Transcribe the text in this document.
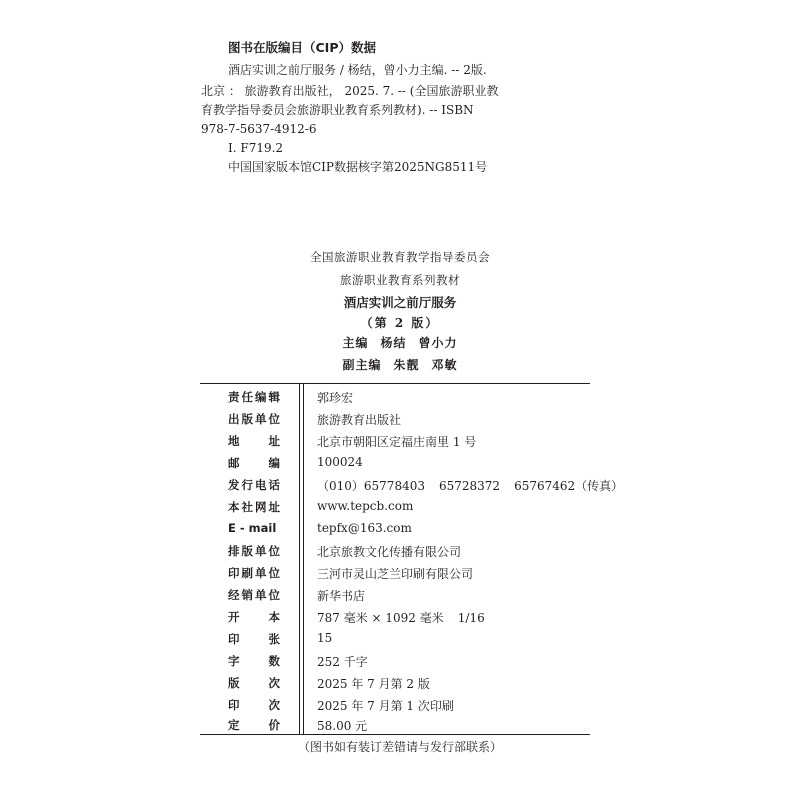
图书在版编目（CIP）数据
酒店实训之前厅服务 / 杨结，曾小力主编. -- 2版.
北京 ： 旅游教育出版社， 2025. 7. -- (全国旅游职业教
育教学指导委员会旅游职业教育系列教材). -- ISBN
978-7-5637-4912-6
Ⅰ. F719.2
中国国家版本馆CIP数据核字第2025NG8511号
全国旅游职业教育教学指导委员会
旅游职业教育系列教材
酒店实训之前厅服务
（第 2 版）
主编 杨结 曾小力
副主编 朱靓 邓敏
责任编辑	郭珍宏
出版单位	旅游教育出版社
地址	北京市朝阳区定福庄南里 1 号
邮编	100024
发行电话	（010）65778403 65728372 65767462（传真）
本社网址	www.tepcb.com
E - mail	tepfx@163.com
排版单位	北京旅教文化传播有限公司
印刷单位	三河市灵山芝兰印刷有限公司
经销单位	新华书店
开本	787 毫米 × 1092 毫米 1/16
印张	15
字数	252 千字
版次	2025 年 7 月第 2 版
印次	2025 年 7 月第 1 次印刷
定价	58.00 元
（图书如有装订差错请与发行部联系）
